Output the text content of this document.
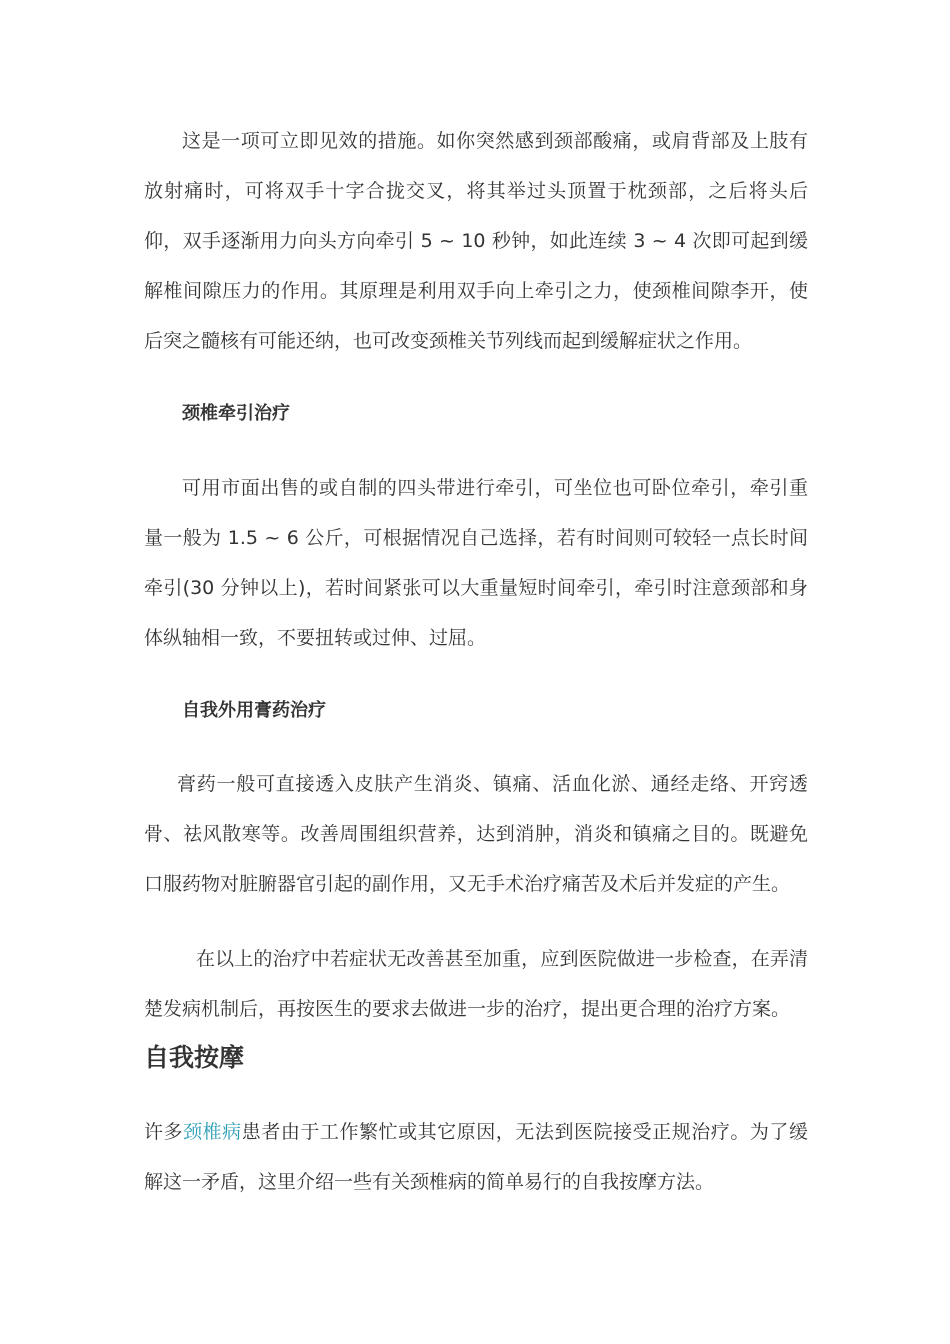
这是一项可立即见效的措施。如你突然感到颈部酸痛，或肩背部及上肢有放射痛时，可将双手十字合拢交叉，将其举过头顶置于枕颈部，之后将头后仰，双手逐渐用力向头方向牵引 5 ~ 10 秒钟，如此连续 3 ~ 4 次即可起到缓解椎间隙压力的作用。其原理是利用双手向上牵引之力，使颈椎间隙李开，使后突之髓核有可能还纳，也可改变颈椎关节列线而起到缓解症状之作用。

颈椎牵引治疗

可用市面出售的或自制的四头带进行牵引，可坐位也可卧位牵引，牵引重量一般为 1.5 ~ 6 公斤，可根据情况自己选择，若有时间则可较轻一点长时间牵引(30 分钟以上)，若时间紧张可以大重量短时间牵引，牵引时注意颈部和身体纵轴相一致，不要扭转或过伸、过屈。

自我外用膏药治疗

膏药一般可直接透入皮肤产生消炎、镇痛、活血化淤、通经走络、开窍透骨、祛风散寒等。改善周围组织营养，达到消肿，消炎和镇痛之目的。既避免口服药物对脏腑器官引起的副作用，又无手术治疗痛苦及术后并发症的产生。

在以上的治疗中若症状无改善甚至加重，应到医院做进一步检查，在弄清楚发病机制后，再按医生的要求去做进一步的治疗，提出更合理的治疗方案。

自我按摩

许多颈椎病患者由于工作繁忙或其它原因，无法到医院接受正规治疗。为了缓解这一矛盾，这里介绍一些有关颈椎病的简单易行的自我按摩方法。
